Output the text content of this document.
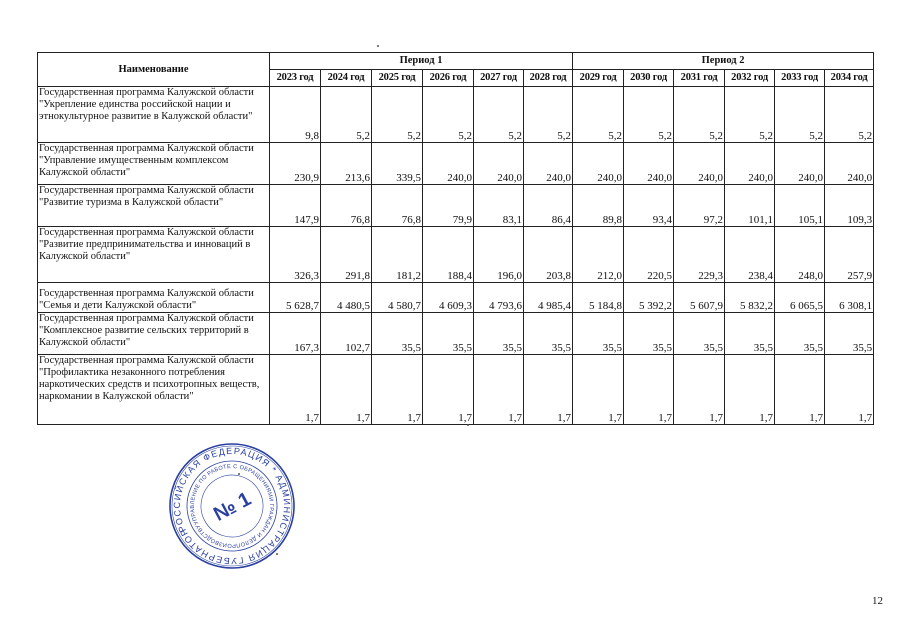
Наименование	Период 1						Период 2					
	2023 год	2024 год	2025 год	2026 год	2027 год	2028 год	2029 год	2030 год	2031 год	2032 год	2033 год	2034 год
Государственная программа Калужской области "Укрепление единства российской нации и этнокультурное развитие в Калужской области"	9,8	5,2	5,2	5,2	5,2	5,2	5,2	5,2	5,2	5,2	5,2	5,2
Государственная программа Калужской области "Управление имущественным комплексом Калужской области"	230,9	213,6	339,5	240,0	240,0	240,0	240,0	240,0	240,0	240,0	240,0	240,0
Государственная программа Калужской области "Развитие туризма в Калужской области"	147,9	76,8	76,8	79,9	83,1	86,4	89,8	93,4	97,2	101,1	105,1	109,3
Государственная программа Калужской области "Развитие предпринимательства и инноваций в Калужской области"	326,3	291,8	181,2	188,4	196,0	203,8	212,0	220,5	229,3	238,4	248,0	257,9
Государственная программа Калужской области "Семья и дети Калужской области"	5 628,7	4 480,5	4 580,7	4 609,3	4 793,6	4 985,4	5 184,8	5 392,2	5 607,9	5 832,2	6 065,5	6 308,1
Государственная программа Калужской области "Комплексное развитие сельских территорий в Калужской области"	167,3	102,7	35,5	35,5	35,5	35,5	35,5	35,5	35,5	35,5	35,5	35,5
Государственная программа Калужской области "Профилактика незаконного потребления наркотических средств и психотропных веществ, наркомании в Калужской области"	1,7	1,7	1,7	1,7	1,7	1,7	1,7	1,7	1,7	1,7	1,7	1,7
РОССИЙСКАЯ ФЕДЕРАЦИЯ * АДМИНИСТРАЦИЯ ГУБЕРНАТОРА КАЛУЖСКОЙ ОБЛАСТИ *
УПРАВЛЕНИЕ ПО РАБОТЕ С ОБРАЩЕНИЯМИ ГРАЖДАН И ДЕЛОПРОИЗВОДСТВУ
№ 1
12
